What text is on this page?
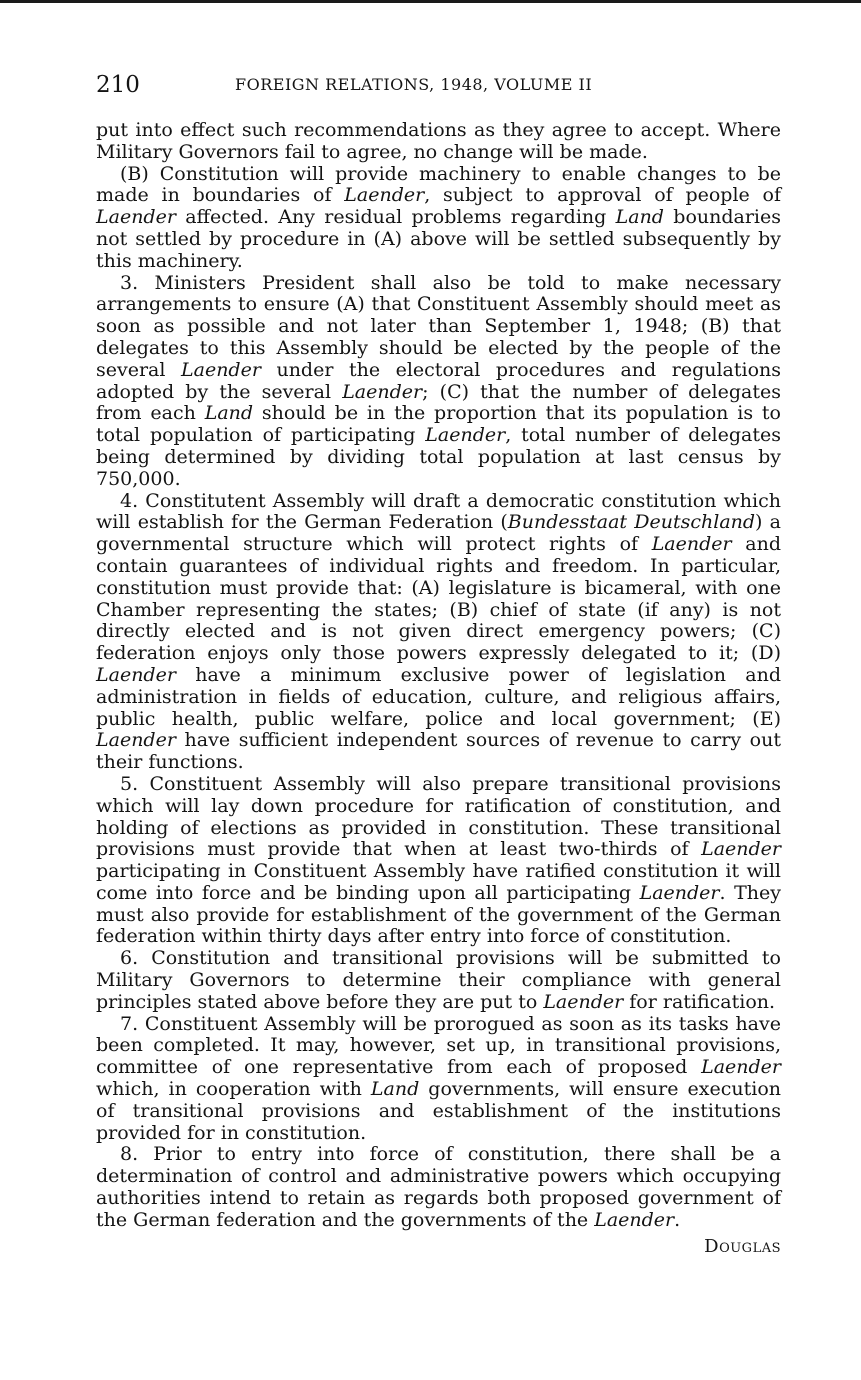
210	FOREIGN RELATIONS, 1948, VOLUME II

put into effect such recommendations as they agree to accept. Where Military Governors fail to agree, no change will be made.

(B) Constitution will provide machinery to enable changes to be made in boundaries of Laender, subject to approval of people of Laender affected. Any residual problems regarding Land boundaries not settled by procedure in (A) above will be settled subsequently by this machinery.

3. Ministers President shall also be told to make necessary arrangements to ensure (A) that Constituent Assembly should meet as soon as possible and not later than September 1, 1948; (B) that delegates to this Assembly should be elected by the people of the several Laender under the electoral procedures and regulations adopted by the several Laender; (C) that the number of delegates from each Land should be in the proportion that its population is to total population of participating Laender, total number of delegates being determined by dividing total population at last census by 750,000.

4. Constitutent Assembly will draft a democratic constitution which will establish for the German Federation (Bundesstaat Deutschland) a governmental structure which will protect rights of Laender and contain guarantees of individual rights and freedom. In particular, constitution must provide that: (A) legislature is bicameral, with one Chamber representing the states; (B) chief of state (if any) is not directly elected and is not given direct emergency powers; (C) federation enjoys only those powers expressly delegated to it; (D) Laender have a minimum exclusive power of legislation and administration in fields of education, culture, and religious affairs, public health, public welfare, police and local government; (E) Laender have sufficient independent sources of revenue to carry out their functions.

5. Constituent Assembly will also prepare transitional provisions which will lay down procedure for ratification of constitution, and holding of elections as provided in constitution. These transitional provisions must provide that when at least two-thirds of Laender participating in Constituent Assembly have ratified constitution it will come into force and be binding upon all participating Laender. They must also provide for establishment of the government of the German federation within thirty days after entry into force of constitution.

6. Constitution and transitional provisions will be submitted to Military Governors to determine their compliance with general principles stated above before they are put to Laender for ratification.

7. Constituent Assembly will be prorogued as soon as its tasks have been completed. It may, however, set up, in transitional provisions, committee of one representative from each of proposed Laender which, in cooperation with Land governments, will ensure execution of transitional provisions and establishment of the institutions provided for in constitution.

8. Prior to entry into force of constitution, there shall be a determination of control and administrative powers which occupying authorities intend to retain as regards both proposed government of the German federation and the governments of the Laender.

Douglas
